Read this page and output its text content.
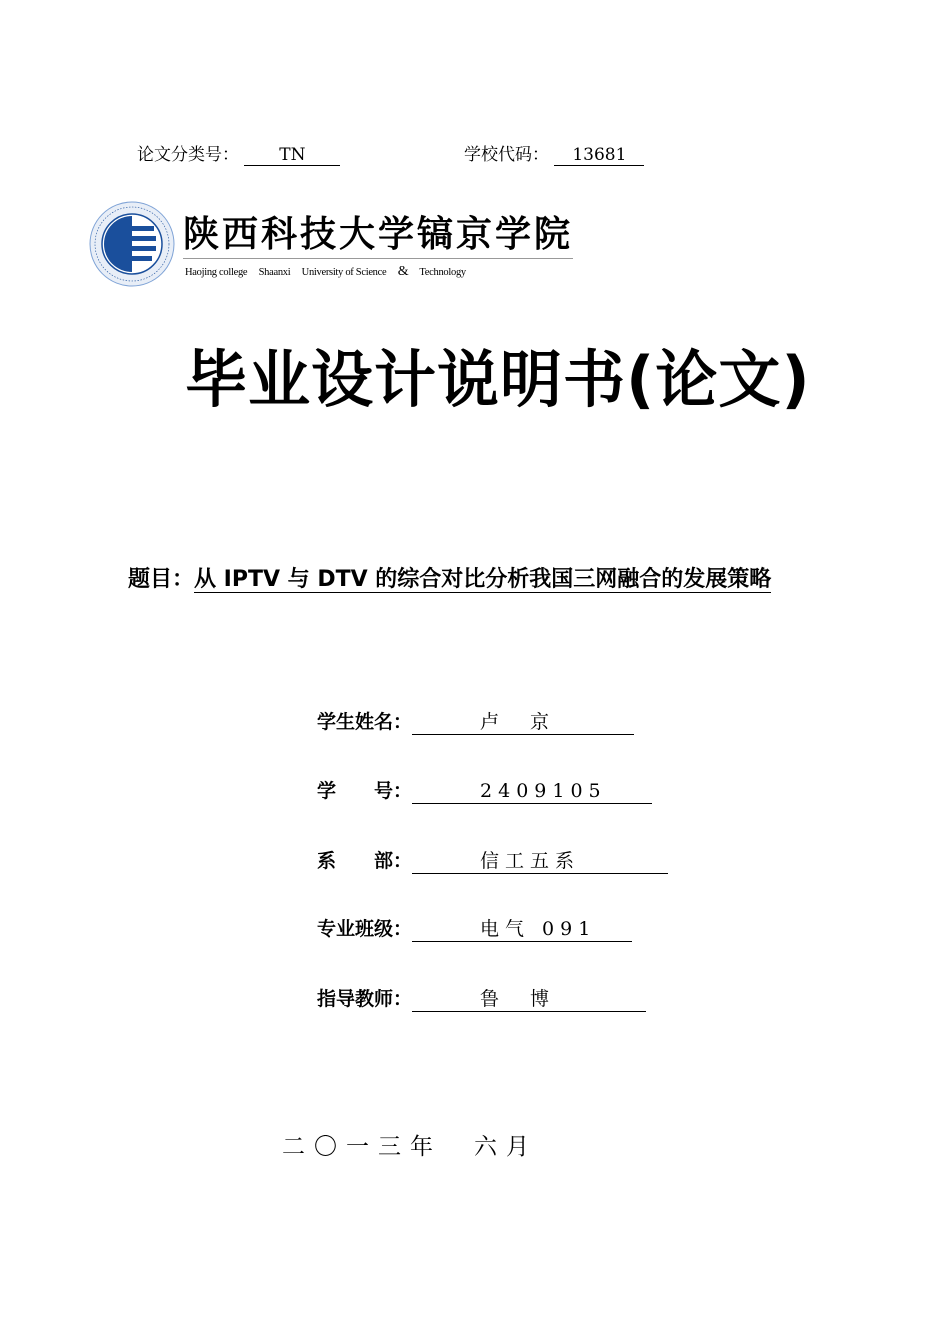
论文分类号： TN	学校代码： 13681
陕西科技大学镐京学院
Haojing college Shaanxi University of Science & Technology
毕业设计说明书(论文)
题目：从 IPTV 与 DTV 的综合对比分析我国三网融合的发展策略
学生姓名：	卢　京
学　　号：	2409105
系　　部：	信工五系
专业班级：	电气 091
指导教师：	鲁　博
二〇一三年　六月
